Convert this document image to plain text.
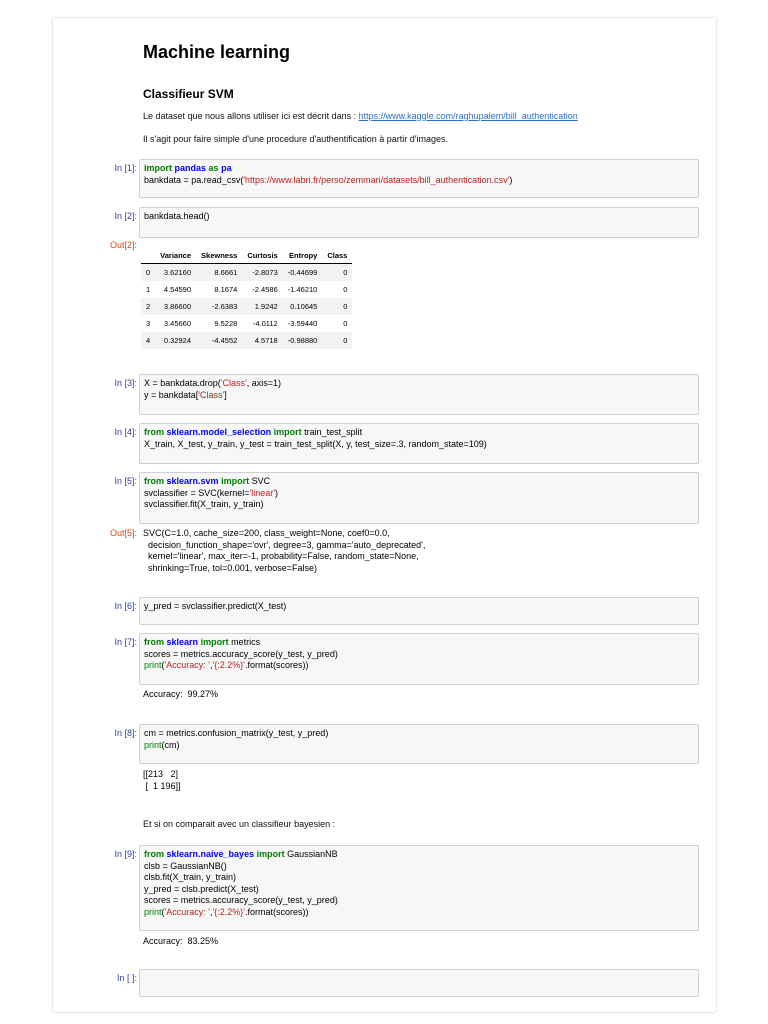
Machine learning
Classifieur SVM
Le dataset que nous allons utiliser ici est décrit dans : https://www.kaggle.com/raghupalem/bill_authentication
Il s'agit pour faire simple d'une procedure d'authentification à partir d'images.
In [1]: import pandas as pa
bankdata = pa.read_csv('https://www.labri.fr/perso/zemmari/datasets/bill_authentication.csv')
In [2]: bankdata.head()
Out[2]:
	Variance	Skewness	Curtosis	Entropy	Class
0	3.62160	8.6661	-2.8073	-0.44699	0
1	4.54590	8.1674	-2.4586	-1.46210	0
2	3.86600	-2.6383	1.9242	0.10645	0
3	3.45660	9.5228	-4.0112	-3.59440	0
4	0.32924	-4.4552	4.5718	-0.98880	0
In [3]: X = bankdata.drop('Class', axis=1)
y = bankdata['Class']
In [4]: from sklearn.model_selection import train_test_split
X_train, X_test, y_train, y_test = train_test_split(X, y, test_size=.3, random_state=109)
In [5]: from sklearn.svm import SVC
svclassifier = SVC(kernel='linear')
svclassifier.fit(X_train, y_train)
Out[5]: SVC(C=1.0, cache_size=200, class_weight=None, coef0=0.0,
decision_function_shape='ovr', degree=3, gamma='auto_deprecated',
kernel='linear', max_iter=-1, probability=False, random_state=None,
shrinking=True, tol=0.001, verbose=False)
In [6]: y_pred = svclassifier.predict(X_test)
In [7]: from sklearn import metrics
scores = metrics.accuracy_score(y_test, y_pred)
print('Accuracy: ','{:2.2%}'.format(scores))
Accuracy:  99.27%
In [8]: cm = metrics.confusion_matrix(y_test, y_pred)
print(cm)
[[213   2]
[  1 196]]
Et si on comparait avec un classifieur bayesien :
In [9]: from sklearn.naive_bayes import GaussianNB
clsb = GaussianNB()
clsb.fit(X_train, y_train)
y_pred = clsb.predict(X_test)
scores = metrics.accuracy_score(y_test, y_pred)
print('Accuracy: ','{:2.2%}'.format(scores))
Accuracy:  83.25%
In [ ]:
